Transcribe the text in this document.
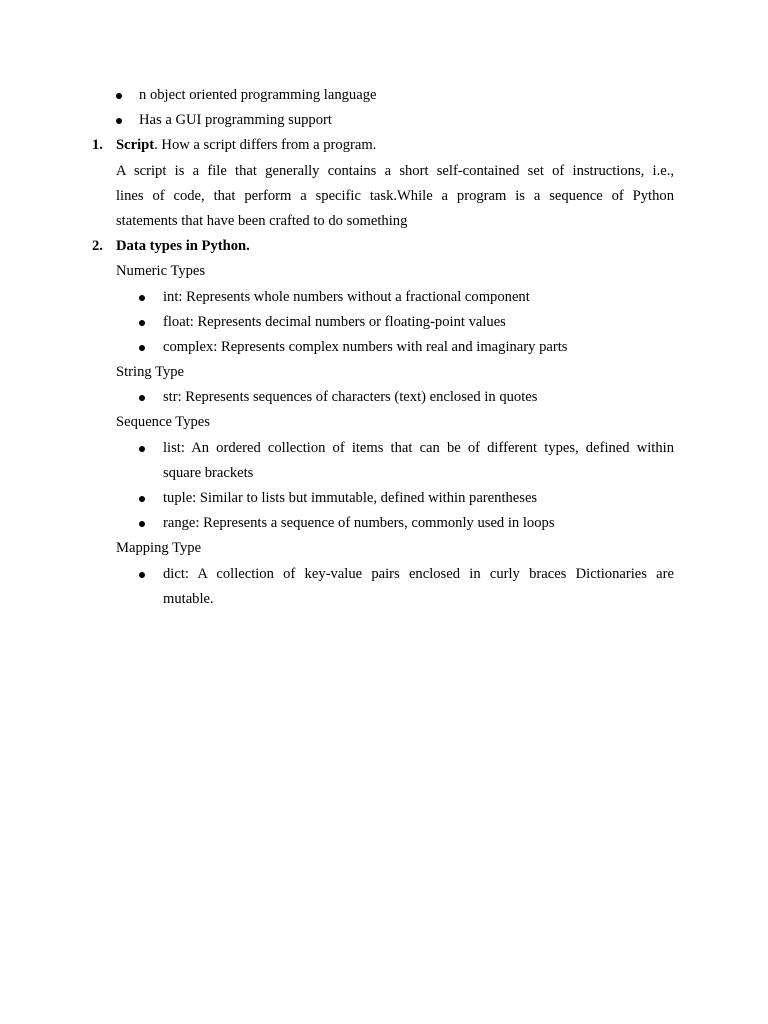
n object oriented programming language
Has a GUI programming support
1. Script. How a script differs from a program.
A script is a file that generally contains a short self-contained set of instructions, i.e.,
lines of code, that perform a specific task.While a program is a sequence of Python
statements that have been crafted to do something
2. Data types in Python.
Numeric Types
int: Represents whole numbers without a fractional component
float: Represents decimal numbers or floating-point values
complex: Represents complex numbers with real and imaginary parts
String Type
str: Represents sequences of characters (text) enclosed in quotes
Sequence Types
list: An ordered collection of items that can be of different types, defined within
square brackets
tuple: Similar to lists but immutable, defined within parentheses
range: Represents a sequence of numbers, commonly used in loops
Mapping Type
dict: A collection of key-value pairs enclosed in curly braces Dictionaries are
mutable.
